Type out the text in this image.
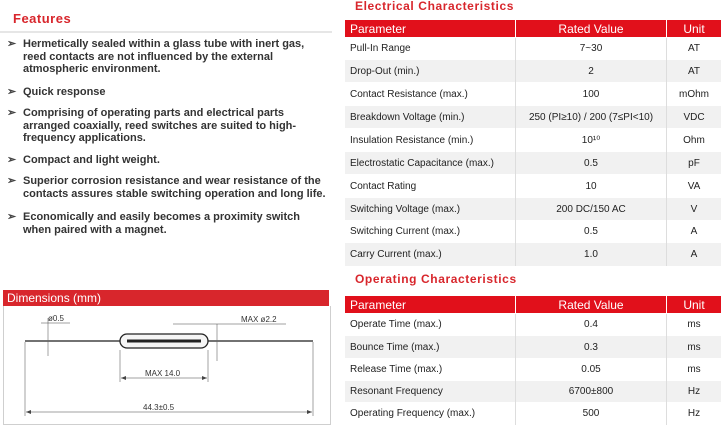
Features
➢ Hermetically sealed within a glass tube with inert gas, reed contacts are not influenced by the external atmospheric environment.
➢ Quick response
➢ Comprising of operating parts and electrical parts arranged coaxially, reed switches are suited to high-frequency applications.
➢ Compact and light weight.
➢ Superior corrosion resistance and wear resistance of the contacts assures stable switching operation and long life.
➢ Economically and easily becomes a proximity switch when paired with a magnet.
Dimensions (mm)
ø0.5	MAX ø2.2
MAX 14.0
44.3±0.5
Electrical Characteristics
Parameter	Rated Value	Unit
Pull-In Range	7~30	AT
Drop-Out (min.)	2	AT
Contact Resistance (max.)	100	mOhm
Breakdown Voltage (min.)	250 (PI≥10) / 200 (7≤PI<10)	VDC
Insulation Resistance (min.)	10¹⁰	Ohm
Electrostatic Capacitance (max.)	0.5	pF
Contact Rating	10	VA
Switching Voltage (max.)	200 DC/150 AC	V
Switching Current (max.)	0.5	A
Carry Current (max.)	1.0	A
Operating Characteristics
Parameter	Rated Value	Unit
Operate Time (max.)	0.4	ms
Bounce Time (max.)	0.3	ms
Release Time (max.)	0.05	ms
Resonant Frequency	6700±800	Hz
Operating Frequency (max.)	500	Hz
